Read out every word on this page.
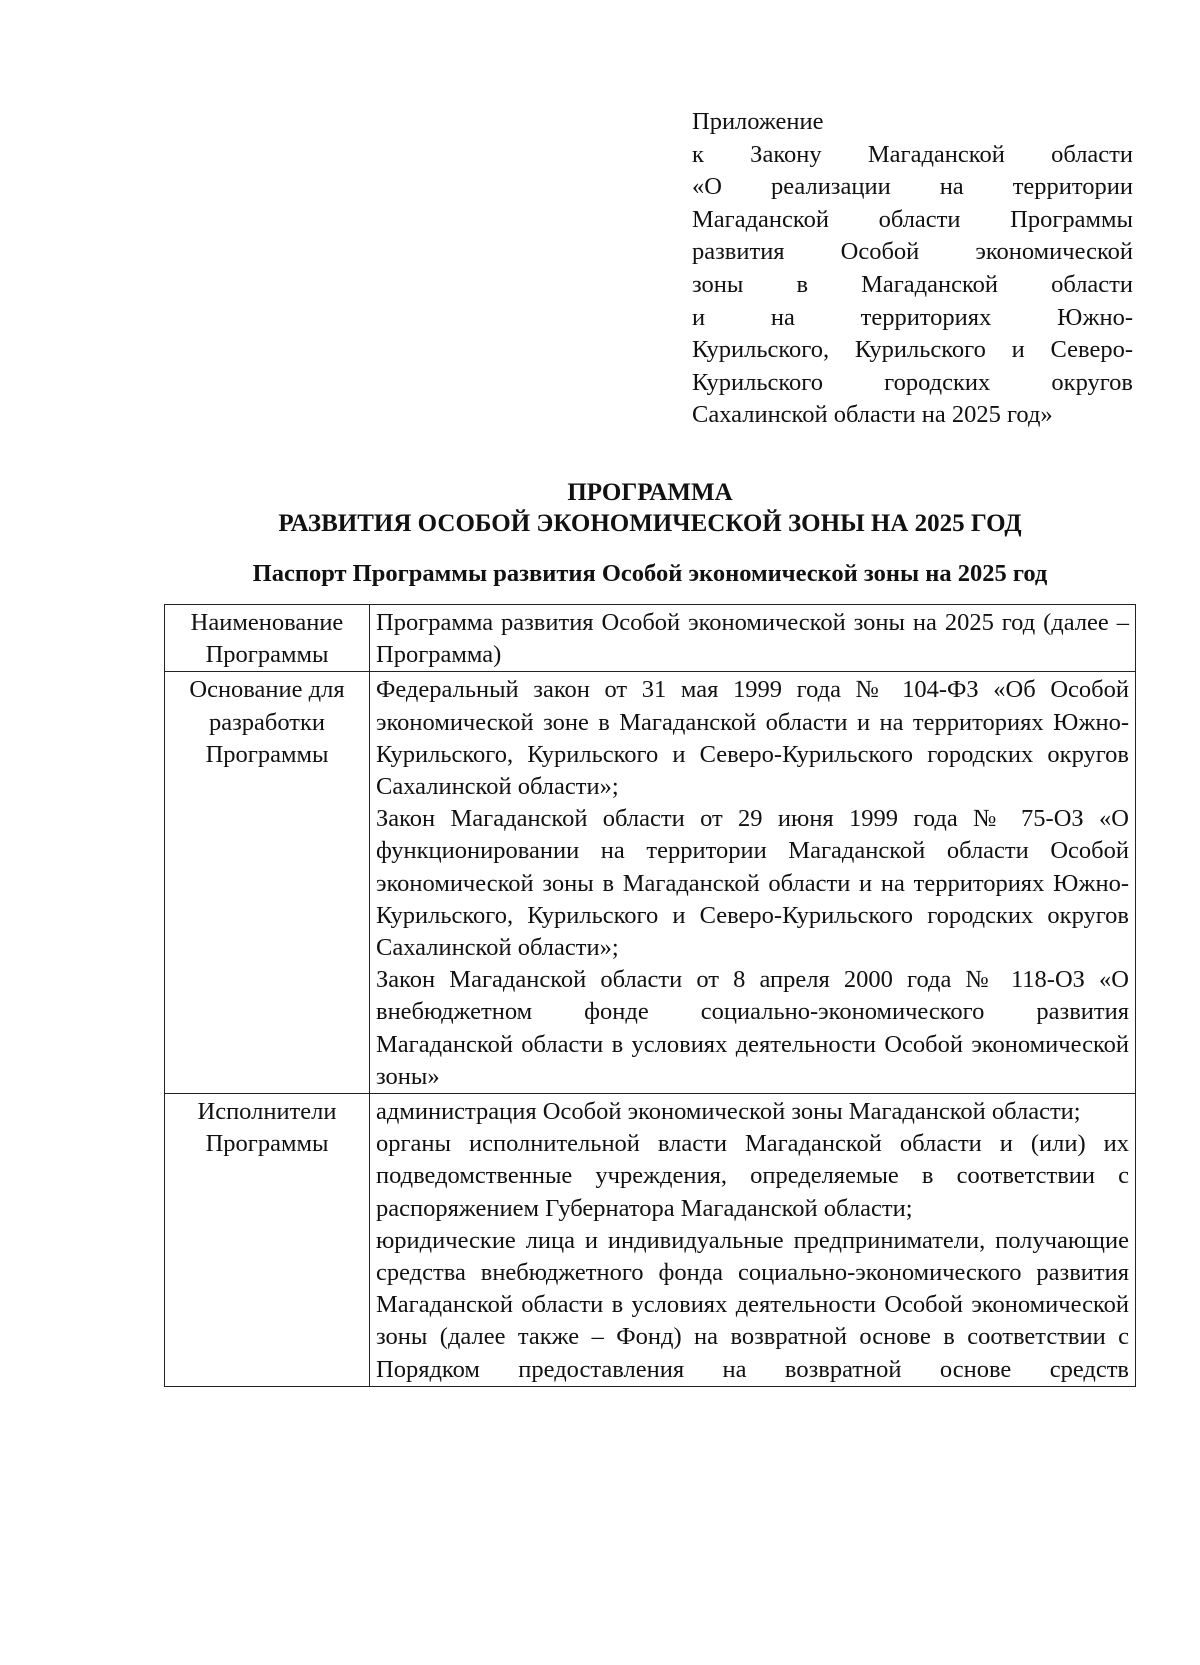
Приложение
к Закону Магаданской области
«О реализации на территории
Магаданской области Программы
развития Особой экономической
зоны в Магаданской области
и на территориях Южно-
Курильского, Курильского и Северо-
Курильского городских округов
Сахалинской области на 2025 год»
ПРОГРАММА
РАЗВИТИЯ ОСОБОЙ ЭКОНОМИЧЕСКОЙ ЗОНЫ НА 2025 ГОД
Паспорт Программы развития Особой экономической зоны на 2025 год
Наименование Программы	Программа развития Особой экономической зоны на 2025 год (далее – Программа)

Основание для разработки Программы	Федеральный закон от 31 мая 1999 года № 104-ФЗ «Об Особой экономической зоне в Магаданской области и на территориях Южно-Курильского, Курильского и Северо-Курильского городских округов Сахалинской области»;
Закон Магаданской области от 29 июня 1999 года № 75-ОЗ «О функционировании на территории Магаданской области Особой экономической зоны в Магаданской области и на территориях Южно-Курильского, Курильского и Северо-Курильского городских округов Сахалинской области»;
Закон Магаданской области от 8 апреля 2000 года № 118-ОЗ «О внебюджетном фонде социально-экономического развития Магаданской области в условиях деятельности Особой экономической зоны»

Исполнители Программы	администрация Особой экономической зоны Магаданской области;
органы исполнительной власти Магаданской области и (или) их подведомственные учреждения, определяемые в соответствии с распоряжением Губернатора Магаданской области;
юридические лица и индивидуальные предприниматели, получающие средства внебюджетного фонда социально-экономического развития Магаданской области в условиях деятельности Особой экономической зоны (далее также – Фонд) на возвратной основе в соответствии с Порядком предоставления на возвратной основе средств
